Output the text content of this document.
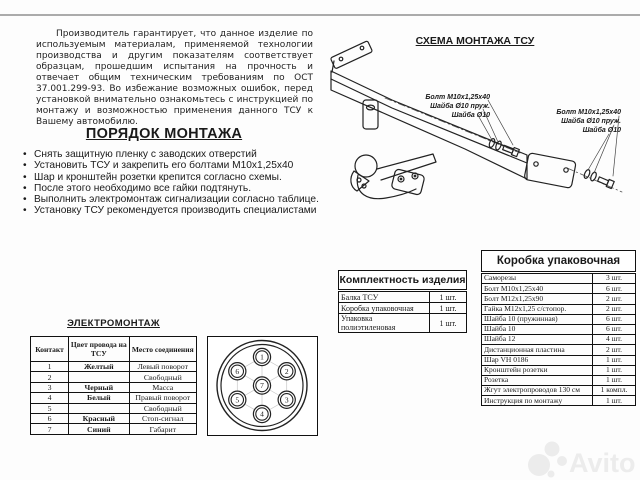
Производитель гарантирует, что данное изделие по используемым материалам, применяемой технологии производства и другим показателям соответствует образцам, прошедшим испытания на прочность и отвечает общим техническим требованиям по ОСТ 37.001.299-93. Во избежание возможных ошибок, перед установкой внимательно ознакомьтесь с инструкцией по монтажу и возможностью применения данного ТСУ к Вашему автомобилю.
ПОРЯДОК МОНТАЖА
• Снять защитную пленку с заводских отверстий
• Установить ТСУ и закрепить его болтами М10х1,25х40
• Шар и кронштейн розетки крепится согласно схемы.
• После этого необходимо все гайки подтянуть.
• Выполнить электромонтаж сигнализации согласно таблице.
• Установку ТСУ рекомендуется производить специалистами
СХЕМА МОНТАЖА ТСУ
Болт М10х1,25х40
Шайба Ø10 пруж.
Шайба Ø10	Болт М10х1,25х40
Шайба Ø10 пруж.
Шайба Ø10
Комплектность изделия
Балка ТСУ	1 шт.
Коробка упаковочная	1 шт.
Упаковка полиэтиленовая	1 шт.
Коробка упаковочная
Саморезы	3 шт.
Болт М10х1,25х40	6 шт.
Болт М12х1,25х90	2 шт.
Гайка М12х1,25 с/стопор.	2 шт.
Шайба 10 (пружинная)	6 шт.
Шайба 10	6 шт.
Шайба 12	4 шт.
Дистанционная пластина	2 шт.
Шар VH 0186	1 шт.
Кронштейн розетки	1 шт.
Розетка	1 шт.
Жгут электропроводов 130 см	1 компл.
Инструкция по монтажу	1 шт.
ЭЛЕКТРОМОНТАЖ
Контакт	Цвет провода на ТСУ	Место соединения
1	Желтый	Левый поворот
2		Свободный
3	Черный	Масса
4	Белый	Правый поворот
5		Свободный
6	Красный	Стоп-сигнал
7	Синий	Габарит
1
2
3
4
5
6
7
Avito
